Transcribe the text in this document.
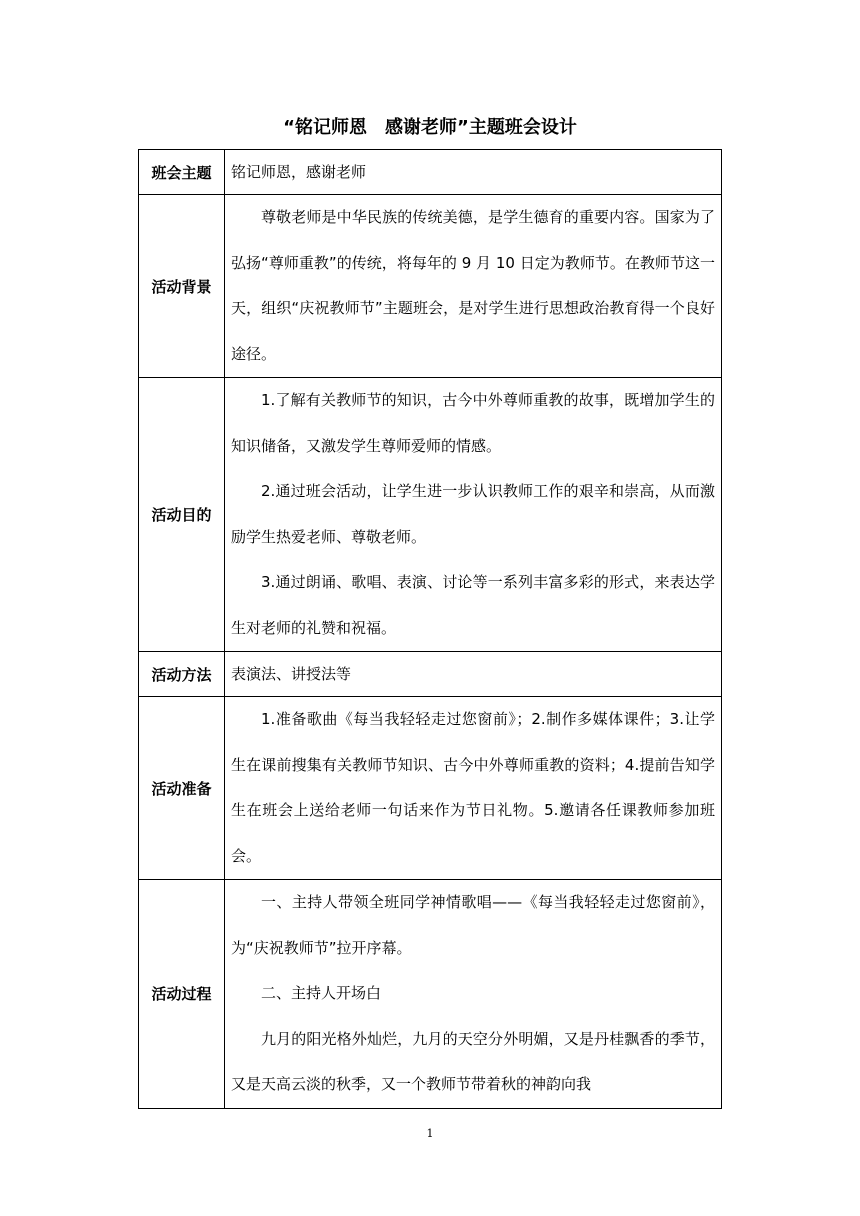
“铭记师恩　感谢老师”主题班会设计
班会主题	铭记师恩，感谢老师

活动背景	尊敬老师是中华民族的传统美德，是学生德育的重要内容。国家为了弘扬“尊师重教”的传统，将每年的 9 月 10 日定为教师节。在教师节这一天，组织“庆祝教师节”主题班会，是对学生进行思想政治教育得一个良好途径。

活动目的	1.了解有关教师节的知识，古今中外尊师重教的故事，既增加学生的知识储备，又激发学生尊师爱师的情感。

2.通过班会活动，让学生进一步认识教师工作的艰辛和崇高，从而激励学生热爱老师、尊敬老师。

3.通过朗诵、歌唱、表演、讨论等一系列丰富多彩的形式，来表达学生对老师的礼赞和祝福。

活动方法	表演法、讲授法等

活动准备	1.准备歌曲《每当我轻轻走过您窗前》；2.制作多媒体课件；3.让学生在课前搜集有关教师节知识、古今中外尊师重教的资料；4.提前告知学生在班会上送给老师一句话来作为节日礼物。5.邀请各任课教师参加班会。

活动过程	一、主持人带领全班同学神情歌唱——《每当我轻轻走过您窗前》，为“庆祝教师节”拉开序幕。

二、主持人开场白

九月的阳光格外灿烂，九月的天空分外明媚，又是丹桂飘香的季节，又是天高云淡的秋季，又一个教师节带着秋的神韵向我

1
